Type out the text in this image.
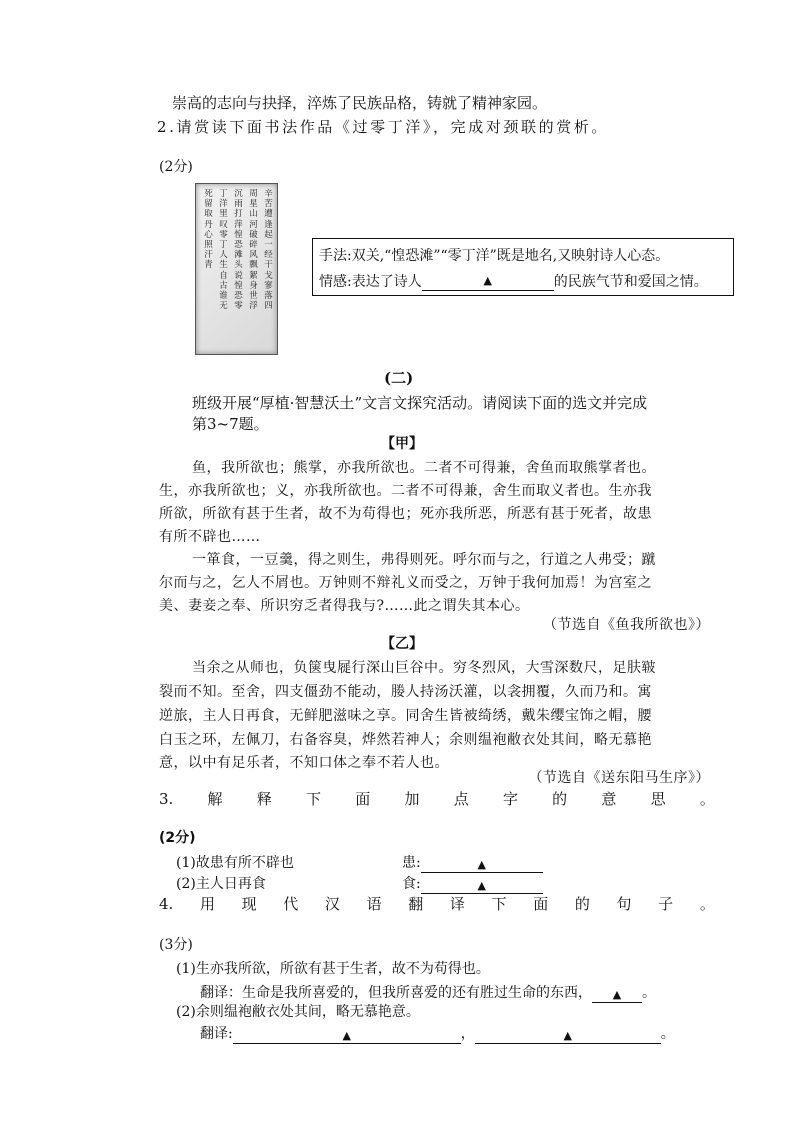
崇高的志向与抉择，淬炼了民族品格，铸就了精神家园。
2.请赏读下面书法作品《过零丁洋》，完成对颈联的赏析。
(2分)
辛苦遭逢起一经干戈寥落四
周星山河破碎风飘絮身世浮
沉雨打萍惶恐滩头说惶恐零
丁洋里叹零丁人生自古谁无
死留取丹心照汗青
手法:双关,“惶恐滩”“零丁洋”既是地名,又映射诗人心态。
情感:表达了诗人	▲	的民族气节和爱国之情。
(二)
班级开展“厚植·智慧沃土”文言文探究活动。请阅读下面的选文并完成
第3~7题。
【甲】
鱼，我所欲也；熊掌，亦我所欲也。二者不可得兼，舍鱼而取熊掌者也。
生，亦我所欲也；义，亦我所欲也。二者不可得兼，舍生而取义者也。生亦我
所欲，所欲有甚于生者，故不为苟得也；死亦我所恶，所恶有甚于死者，故患
有所不辟也……
一箪食，一豆羹，得之则生，弗得则死。呼尔而与之，行道之人弗受；蹴
尔而与之，乞人不屑也。万钟则不辩礼义而受之，万钟于我何加焉！为宫室之
美、妻妾之奉、所识穷乏者得我与?……此之谓失其本心。
（节选自《鱼我所欲也》）
【乙】
当余之从师也，负箧曳屣行深山巨谷中。穷冬烈风，大雪深数尺，足肤皲
裂而不知。至舍，四支僵劲不能动，媵人持汤沃灌，以衾拥覆，久而乃和。寓
逆旅，主人日再食，无鲜肥滋味之享。同舍生皆被绮绣，戴朱缨宝饰之帽，腰
白玉之环，左佩刀，右备容臭，烨然若神人；余则缊袍敝衣处其间，略无慕艳
意，以中有足乐者，不知口体之奉不若人也。
（节选自《送东阳马生序》）
3. 解 释 下 面 加 点 字 的 意 思 。
(2分)
(1)故患有所不辟也	患:	▲
(2)主人日再食	食:	▲
4. 用 现 代 汉 语 翻 译 下 面 的 句 子 。
(3分)
(1)生亦我所欲，所欲有甚于生者，故不为苟得也。
翻译：生命是我所喜爱的，但我所喜爱的还有胜过生命的东西， ▲ 。
(2)余则缊袍敝衣处其间，略无慕艳意。
翻译:	▲	，	▲	。
